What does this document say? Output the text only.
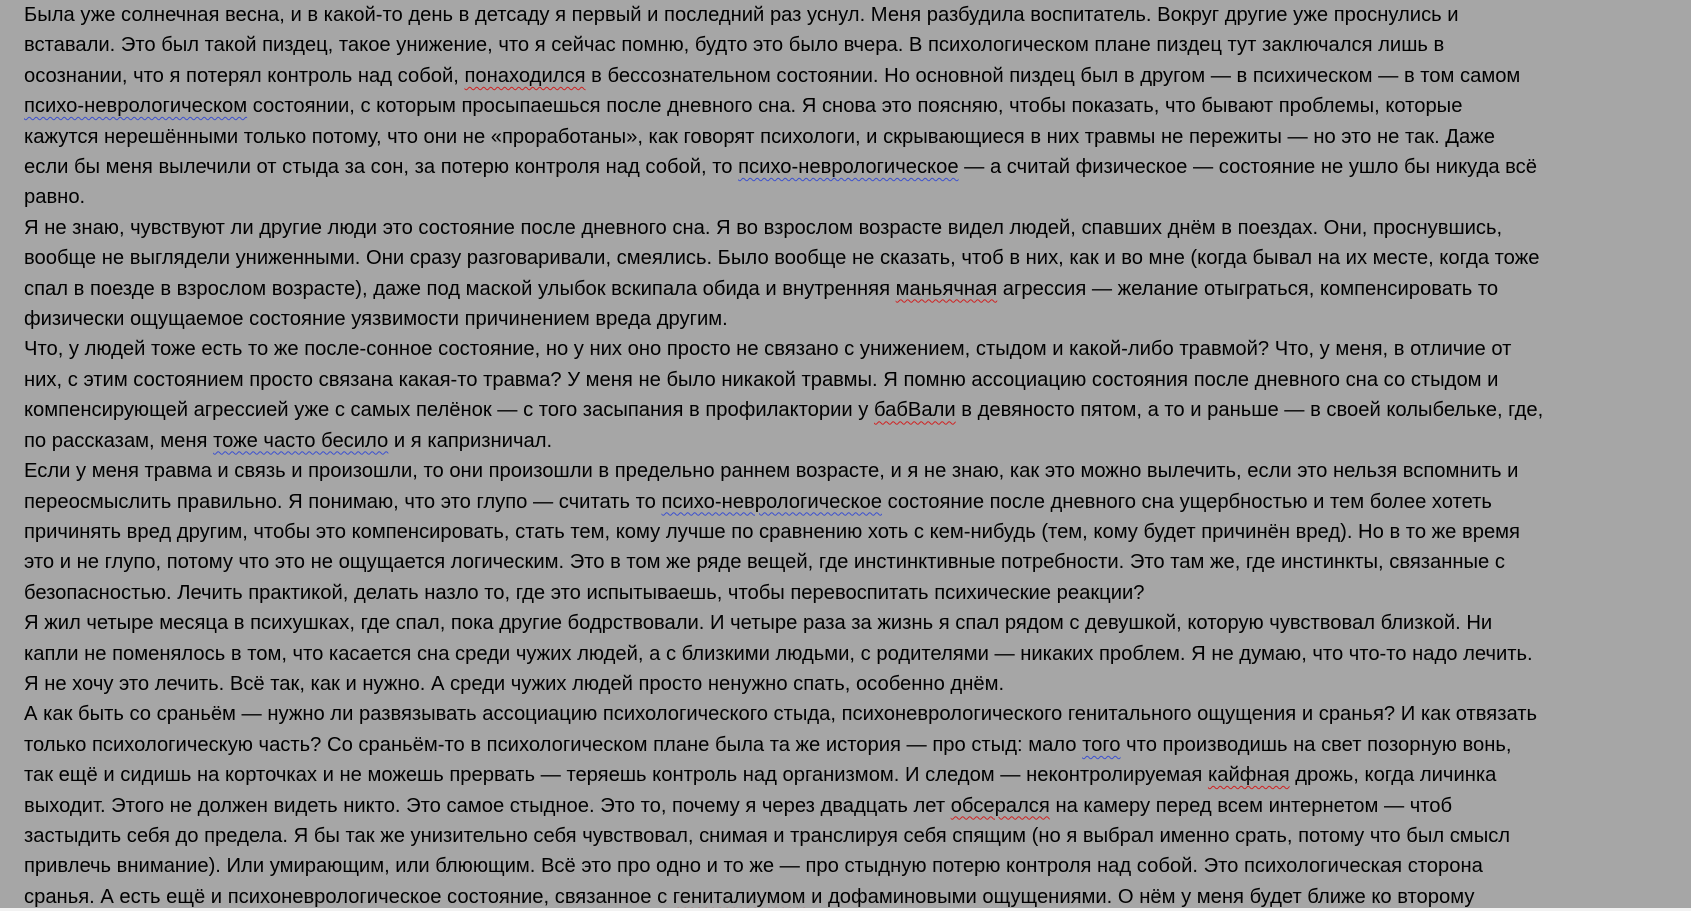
Была уже солнечная весна, и в какой-то день в детсаду я первый и последний раз уснул. Меня разбудила воспитатель. Вокруг другие уже проснулись и
вставали. Это был такой пиздец, такое унижение, что я сейчас помню, будто это было вчера. В психологическом плане пиздец тут заключался лишь в
осознании, что я потерял контроль над собой, понаходился в бессознательном состоянии. Но основной пиздец был в другом — в психическом — в том самом
психо-неврологическом состоянии, с которым просыпаешься после дневного сна. Я снова это поясняю, чтобы показать, что бывают проблемы, которые
кажутся нерешёнными только потому, что они не «проработаны», как говорят психологи, и скрывающиеся в них травмы не пережиты — но это не так. Даже
если бы меня вылечили от стыда за сон, за потерю контроля над собой, то психо-неврологическое — а считай физическое — состояние не ушло бы никуда всё
равно.
Я не знаю, чувствуют ли другие люди это состояние после дневного сна. Я во взрослом возрасте видел людей, спавших днём в поездах. Они, проснувшись,
вообще не выглядели униженными. Они сразу разговаривали, смеялись. Было вообще не сказать, чтоб в них, как и во мне (когда бывал на их месте, когда тоже
спал в поезде в взрослом возрасте), даже под маской улыбок вскипала обида и внутренняя маньячная агрессия — желание отыграться, компенсировать то
физически ощущаемое состояние уязвимости причинением вреда другим.
Что, у людей тоже есть то же после-сонное состояние, но у них оно просто не связано с унижением, стыдом и какой-либо травмой? Что, у меня, в отличие от
них, с этим состоянием просто связана какая-то травма? У меня не было никакой травмы. Я помню ассоциацию состояния после дневного сна со стыдом и
компенсирующей агрессией уже с самых пелёнок — с того засыпания в профилактории у бабВали в девяносто пятом, а то и раньше — в своей колыбельке, где,
по рассказам, меня тоже часто бесило и я капризничал.
Если у меня травма и связь и произошли, то они произошли в предельно раннем возрасте, и я не знаю, как это можно вылечить, если это нельзя вспомнить и
переосмыслить правильно. Я понимаю, что это глупо — считать то психо-неврологическое состояние после дневного сна ущербностью и тем более хотеть
причинять вред другим, чтобы это компенсировать, стать тем, кому лучше по сравнению хоть с кем-нибудь (тем, кому будет причинён вред). Но в то же время
это и не глупо, потому что это не ощущается логическим. Это в том же ряде вещей, где инстинктивные потребности. Это там же, где инстинкты, связанные с
безопасностью. Лечить практикой, делать назло то, где это испытываешь, чтобы перевоспитать психические реакции?
Я жил четыре месяца в психушках, где спал, пока другие бодрствовали. И четыре раза за жизнь я спал рядом с девушкой, которую чувствовал близкой. Ни
капли не поменялось в том, что касается сна среди чужих людей, а с близкими людьми, с родителями — никаких проблем. Я не думаю, что что-то надо лечить.
Я не хочу это лечить. Всё так, как и нужно. А среди чужих людей просто ненужно спать, особенно днём.
А как быть со сраньём — нужно ли развязывать ассоциацию психологического стыда, психоневрологического генитального ощущения и сранья? И как отвязать
только психологическую часть? Со сраньём-то в психологическом плане была та же история — про стыд: мало того что производишь на свет позорную вонь,
так ещё и сидишь на корточках и не можешь прервать — теряешь контроль над организмом. И следом — неконтролируемая кайфная дрожь, когда личинка
выходит. Этого не должен видеть никто. Это самое стыдное. Это то, почему я через двадцать лет обсерался на камеру перед всем интернетом — чтоб
застыдить себя до предела. Я бы так же унизительно себя чувствовал, снимая и транслируя себя спящим (но я выбрал именно срать, потому что был смысл
привлечь внимание). Или умирающим, или блюющим. Всё это про одно и то же — про стыдную потерю контроля над собой. Это психологическая сторона
сранья. А есть ещё и психоневрологическое состояние, связанное с гениталиумом и дофаминовыми ощущениями. О нём у меня будет ближе ко второму
